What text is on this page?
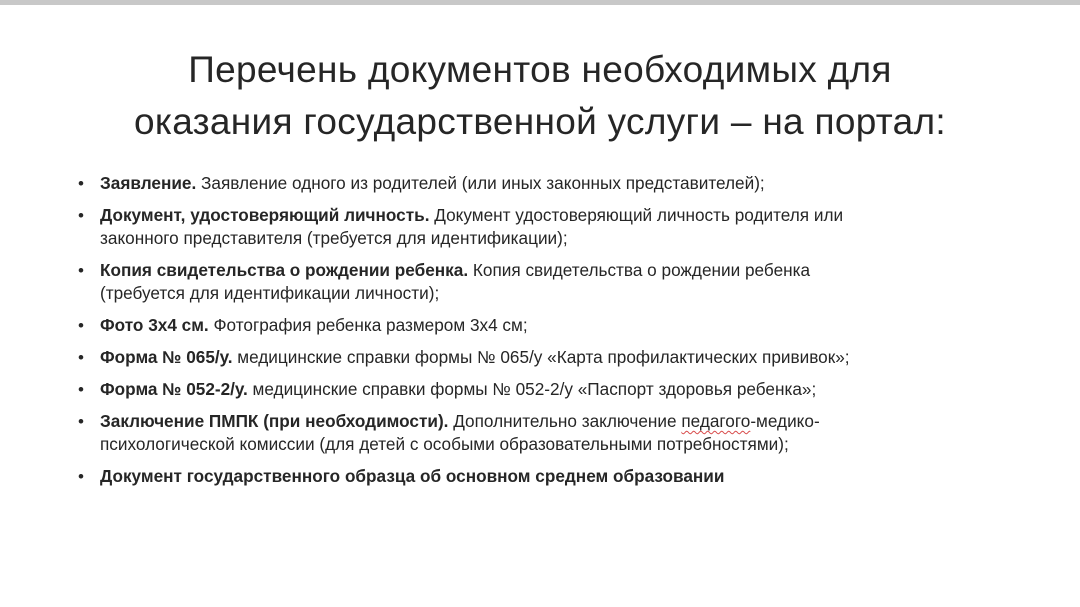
Перечень документов необходимых для
оказания государственной услуги – на портал:
• Заявление. Заявление одного из родителей (или иных законных представителей);
• Документ, удостоверяющий личность. Документ удостоверяющий личность родителя или
законного представителя (требуется для идентификации);
• Копия свидетельства о рождении ребенка. Копия свидетельства о рождении ребенка
(требуется для идентификации личности);
• Фото 3х4 см. Фотография ребенка размером 3х4 см;
• Форма № 065/у. медицинские справки формы № 065/у «Карта профилактических прививок»;
• Форма № 052-2/у. медицинские справки формы № 052-2/у «Паспорт здоровья ребенка»;
• Заключение ПМПК (при необходимости). Дополнительно заключение педагого-медико-
психологической комиссии (для детей с особыми образовательными потребностями);
• Документ государственного образца об основном среднем образовании
